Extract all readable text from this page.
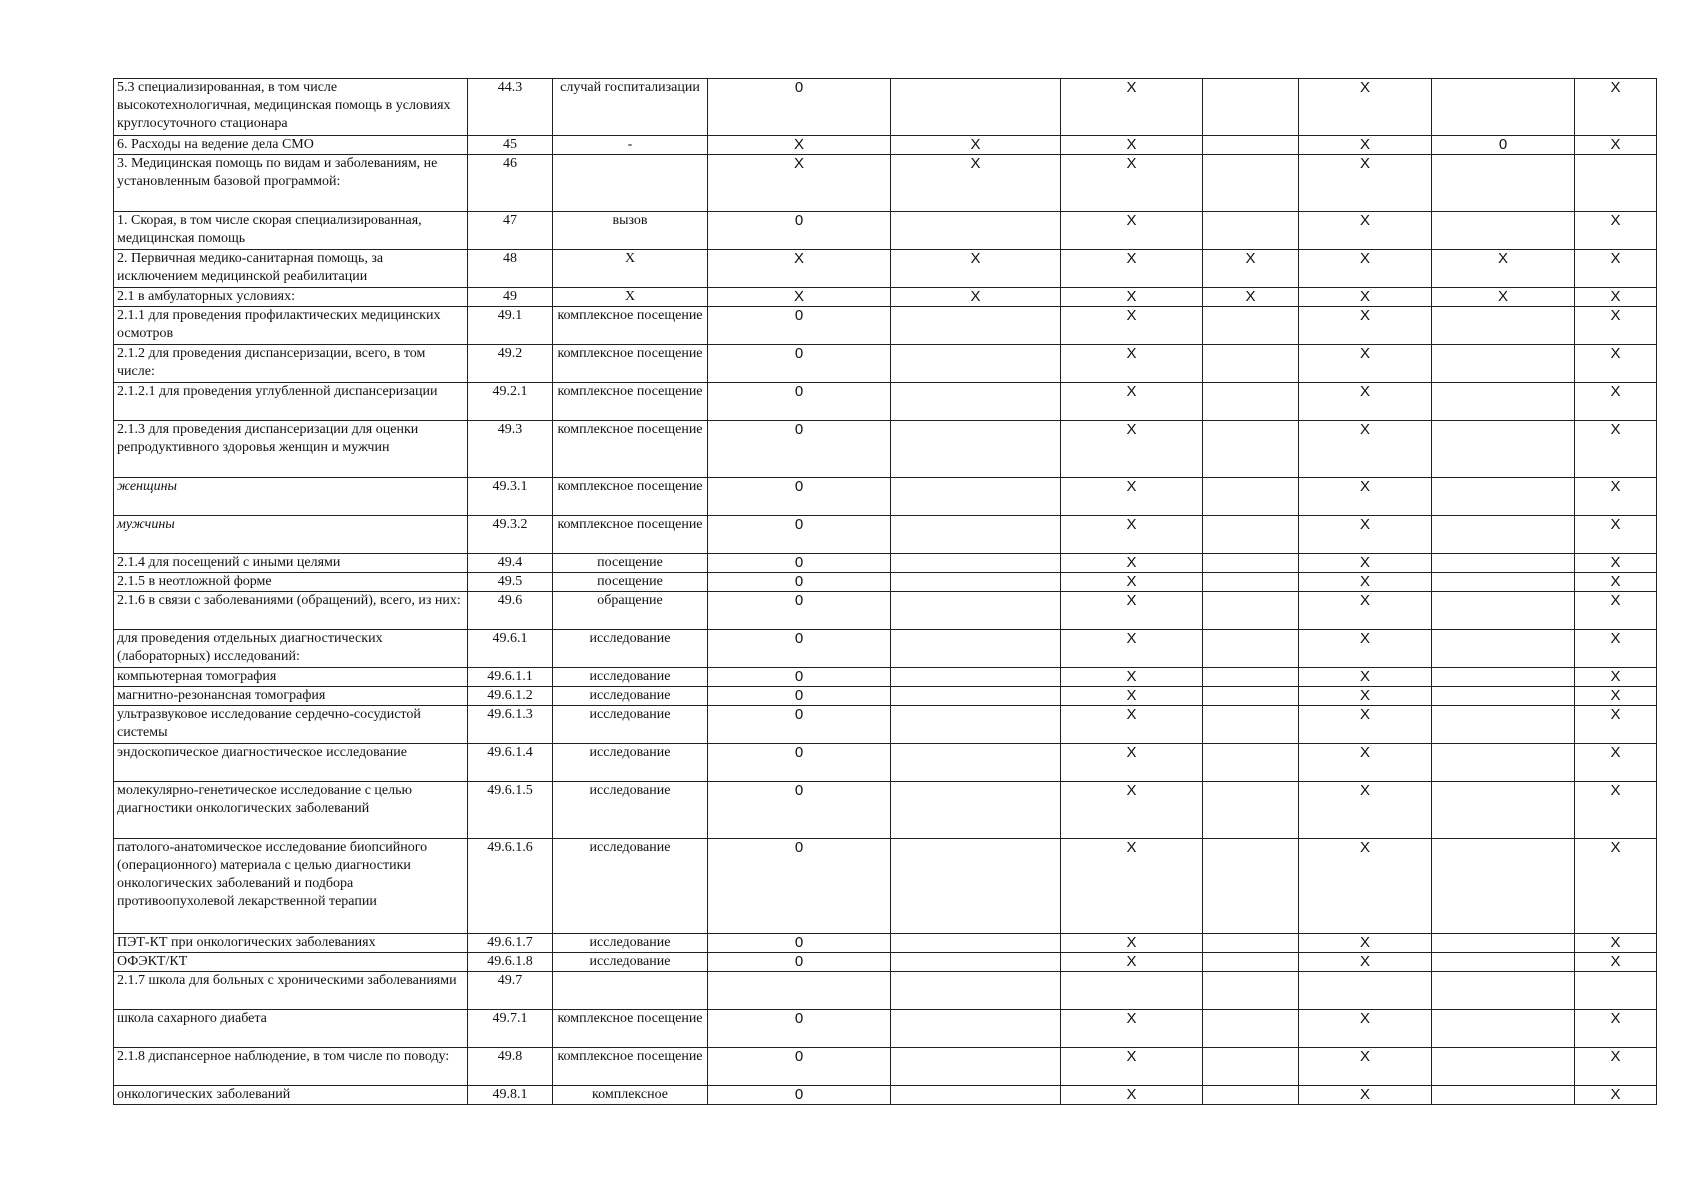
5.3 специализированная, в том числе высокотехнологичная, медицинская помощь в условиях круглосуточного стационара	44.3	случай госпитализации	0		X		X		X
6. Расходы на ведение дела СМО	45	-	X	X	X		X	0	X
3. Медицинская помощь по видам и заболеваниям, не установленным базовой программой:	46		X	X	X		X		
1. Скорая, в том числе скорая специализированная, медицинская помощь	47	вызов	0		X		X		X
2. Первичная медико-санитарная помощь, за исключением медицинской реабилитации	48	X	X	X	X	X	X	X	X
2.1 в амбулаторных условиях:	49	X	X	X	X	X	X	X	X
2.1.1 для проведения профилактических медицинских осмотров	49.1	комплексное посещение	0		X		X		X
2.1.2 для проведения диспансеризации, всего, в том числе:	49.2	комплексное посещение	0		X		X		X
2.1.2.1 для проведения углубленной диспансеризации	49.2.1	комплексное посещение	0		X		X		X
2.1.3 для проведения диспансеризации для оценки репродуктивного здоровья женщин и мужчин	49.3	комплексное посещение	0		X		X		X
женщины	49.3.1	комплексное посещение	0		X		X		X
мужчины	49.3.2	комплексное посещение	0		X		X		X
2.1.4 для посещений с иными целями	49.4	посещение	0		X		X		X
2.1.5 в неотложной форме	49.5	посещение	0		X		X		X
2.1.6 в связи с заболеваниями (обращений), всего, из них:	49.6	обращение	0		X		X		X
для проведения отдельных диагностических (лабораторных) исследований:	49.6.1	исследование	0		X		X		X
компьютерная томография	49.6.1.1	исследование	0		X		X		X
магнитно-резонансная томография	49.6.1.2	исследование	0		X		X		X
ультразвуковое исследование сердечно-сосудистой системы	49.6.1.3	исследование	0		X		X		X
эндоскопическое диагностическое исследование	49.6.1.4	исследование	0		X		X		X
молекулярно-генетическое исследование с целью диагностики онкологических заболеваний	49.6.1.5	исследование	0		X		X		X
патолого-анатомическое исследование биопсийного (операционного) материала с целью диагностики онкологических заболеваний и подбора противоопухолевой лекарственной терапии	49.6.1.6	исследование	0		X		X		X
ПЭТ-КТ при онкологических заболеваниях	49.6.1.7	исследование	0		X		X		X
ОФЭКТ/КТ	49.6.1.8	исследование	0		X		X		X
2.1.7 школа для больных с хроническими заболеваниями	49.7								
школа сахарного диабета	49.7.1	комплексное посещение	0		X		X		X
2.1.8 диспансерное наблюдение, в том числе по поводу:	49.8	комплексное посещение	0		X		X		X
онкологических заболеваний	49.8.1	комплексное	0		X		X		X
